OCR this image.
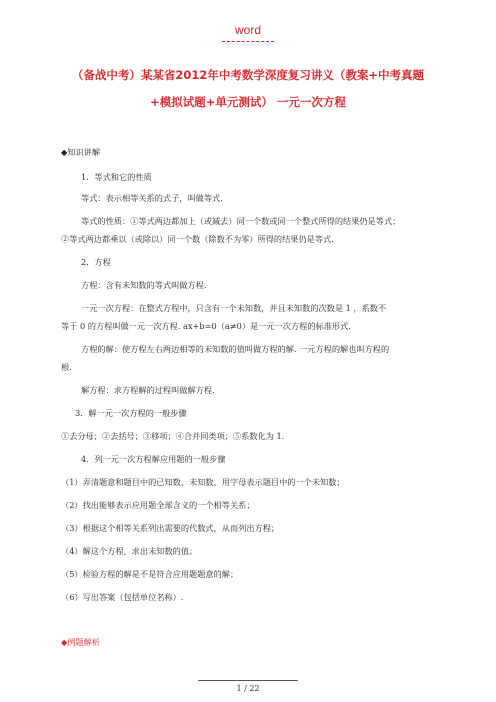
word
（备战中考）某某省2012年中考数学深度复习讲义（教案+中考真题
+模拟试题+单元测试） 一元一次方程
◆知识讲解
1．等式和它的性质
等式：表示相等关系的式子，叫做等式.
等式的性质：①等式两边都加上（或减去）同一个数或同一个整式所得的结果仍是等式；
②等式两边都乘以（或除以）同一个数（除数不为零）所得的结果仍是等式.
2．方程
方程：含有未知数的等式叫做方程.
一元一次方程：在整式方程中，只含有一个未知数，并且未知数的次数是 1 ，系数不
等于 0 的方程叫做一元一次方程. ax+b=0（a≠0）是一元一次方程的标准形式.
方程的解：使方程左右两边相等的未知数的值叫做方程的解. 一元方程的解也叫方程的
根.
解方程：求方程解的过程叫做解方程.
3．解一元一次方程的一般步骤
①去分母；②去括号；③移项；④合并同类项；⑤系数化为 1.
4．列一元一次方程解应用题的一般步骤
（1）弄清题意和题目中的已知数、未知数，用字母表示题目中的一个未知数；
（2）找出能够表示应用题全部含义的一个相等关系；
（3）根据这个相等关系列出需要的代数式，从而列出方程；
（4）解这个方程，求出未知数的值；
（5）检验方程的解是不是符合应用题题意的解；
（6）写出答案（包括单位名称）.
◆例题解析
1 / 22
